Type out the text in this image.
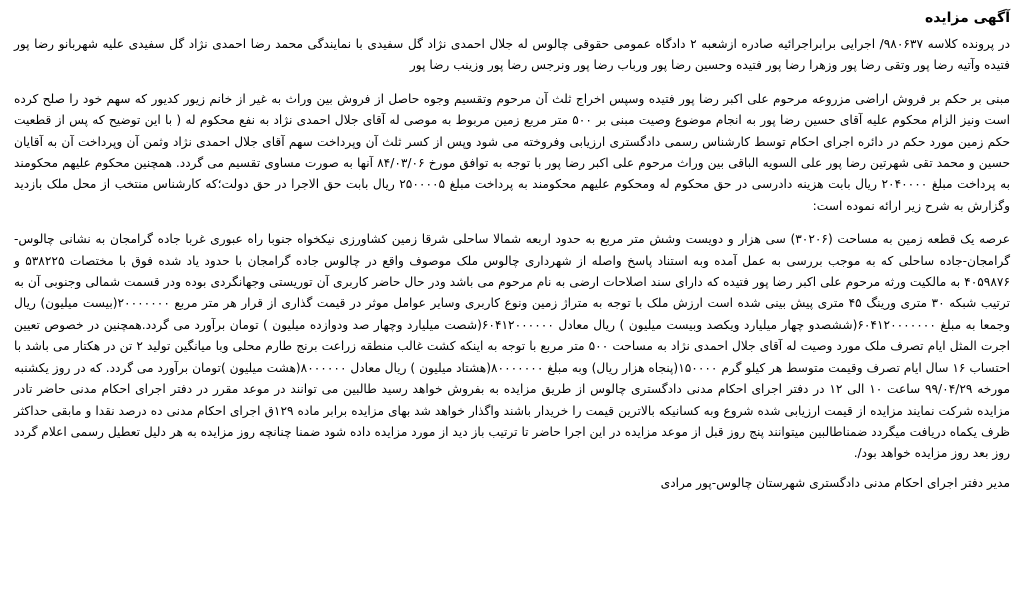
آگهی مزایده

در پرونده کلاسه ۹۸۰۶۳۷/ اجرایی برابراجرائیه صادره ازشعبه ۲ دادگاه عمومی حقوقی چالوس له جلال احمدی نژاد گل سفیدی با نمایندگی محمد رضا احمدی نژاد گل سفیدی علیه شهربانو رضا پور فتیده وآتیه رضا پور وتقی رضا پور وزهرا رضا پور فتیده وحسین رضا پور ورباب رضا پور ونرجس رضا پور وزینب رضا پور

مبنی بر حکم بر فروش اراضی مزروعه مرحوم علی اکبر رضا پور فتیده وسپس اخراج ثلث آن مرحوم وتقسیم وجوه حاصل از فروش بین وراث به غیر از خانم زیور کدیور که سهم خود را صلح کرده است ونیز الزام محکوم علیه آقای حسین رضا پور به انجام موضوع وصیت مبنی بر ۵۰۰ متر مربع زمین مربوط به موصی له آقای جلال احمدی نژاد به نفع محکوم له ( با این توضیح که پس از قطعیت حکم زمین مورد حکم در دائره اجرای احکام توسط کارشناس رسمی دادگستری ارزیابی وفروخته می شود وپس از کسر ثلث آن وپرداخت سهم آقای جلال احمدی نژاد وثمن آن وپرداخت آن به آقایان حسین و محمد تقی شهرتین رضا پور علی السویه الباقی بین وراث مرحوم علی اکبر رضا پور با توجه به توافق مورخ ۸۴/۰۳/۰۶ آنها به صورت مساوی تقسیم می گردد. همچنین محکوم علیهم محکومند به پرداخت مبلغ ۲۰۴۰۰۰۰ ریال بابت هزینه دادرسی در حق محکوم له ومحکوم علیهم محکومند به پرداخت مبلغ ۲۵۰۰۰۰۵ ریال بابت حق الاجرا در حق دولت؛که کارشناس منتخب از محل ملک بازدید وگزارش به شرح زیر ارائه نموده است:

عرصه یک قطعه زمین به مساحت (۳۰۲۰۶) سی هزار و دویست وشش متر مربع به حدود اربعه شمالا ساحلی شرقا زمین کشاورزی نیکخواه جنوبا راه عبوری غربا جاده گرامجان به نشانی چالوس- گرامجان-جاده ساحلی که به موجب بررسی به عمل آمده وبه استناد پاسخ واصله از شهرداری چالوس ملک موصوف واقع در چالوس جاده گرامجان با حدود یاد شده فوق با مختصات ۵۳۸۲۲۵ و ۴۰۵۹۸۷۶ به مالکیت ورثه مرحوم علی اکبر رضا پور فتیده که دارای سند اصلاحات ارضی به نام مرحوم می باشد ودر حال حاضر کاربری آن توریستی وجهانگردی بوده ودر قسمت شمالی وجنوبی آن به ترتیب شبکه ۳۰ متری ورینگ ۴۵ متری پیش بینی شده است ارزش ملک با توجه به متراژ زمین ونوع کاربری وسایر عوامل موثر در قیمت گذاری از قرار هر متر مربع ۲۰۰۰۰۰۰۰(بیست میلیون) ریال وجمعا به مبلغ ۶۰۴۱۲۰۰۰۰۰۰۰(ششصدو چهار میلیارد ویکصد وبیست میلیون ) ریال معادل ۶۰۴۱۲۰۰۰۰۰۰(شصت میلیارد وچهار صد ودوازده میلیون ) تومان برآورد می گردد.همچنین در خصوص تعیین اجرت المثل ایام تصرف ملک مورد وصیت له آقای جلال احمدی نژاد به مساحت ۵۰۰ متر مربع با توجه به اینکه کشت غالب منطقه زراعت برنج طارم محلی وبا میانگین تولید ۲ تن در هکتار می باشد با احتساب ۱۶ سال ایام تصرف وقیمت متوسط هر کیلو گرم ۱۵۰۰۰۰(پنجاه هزار ریال) وبه مبلغ ۸۰۰۰۰۰۰۰(هشتاد میلیون ) ریال معادل ۸۰۰۰۰۰۰(هشت میلیون )تومان برآورد می گردد. که در روز یکشنبه مورخه ۹۹/۰۴/۲۹ ساعت ۱۰ الی ۱۲ در دفتر اجرای احکام مدنی دادگستری چالوس از طریق مزایده به بفروش خواهد رسید طالبین می توانند در موعد مقرر در دفتر اجرای احکام مدنی حاضر تادر مزایده شرکت نمایند مزایده از قیمت ارزیابی شده شروع وبه کسانیکه بالاترین قیمت را خریدار باشند واگذار خواهد شد بهای مزایده برابر ماده ۱۲۹ق اجرای احکام مدنی ده درصد نقدا و مابقی حداکثر ظرف یکماه دریافت میگردد ضمناطالبین میتوانند پنج روز قبل از موعد مزایده در این اجرا حاضر تا ترتیب باز دید از مورد مزایده داده شود ضمنا چنانچه روز مزایده به هر دلیل تعطیل رسمی اعلام گردد روز بعد روز مزایده خواهد بود/.

مدیر دفتر اجرای احکام مدنی دادگستری شهرستان چالوس-پور مرادی
